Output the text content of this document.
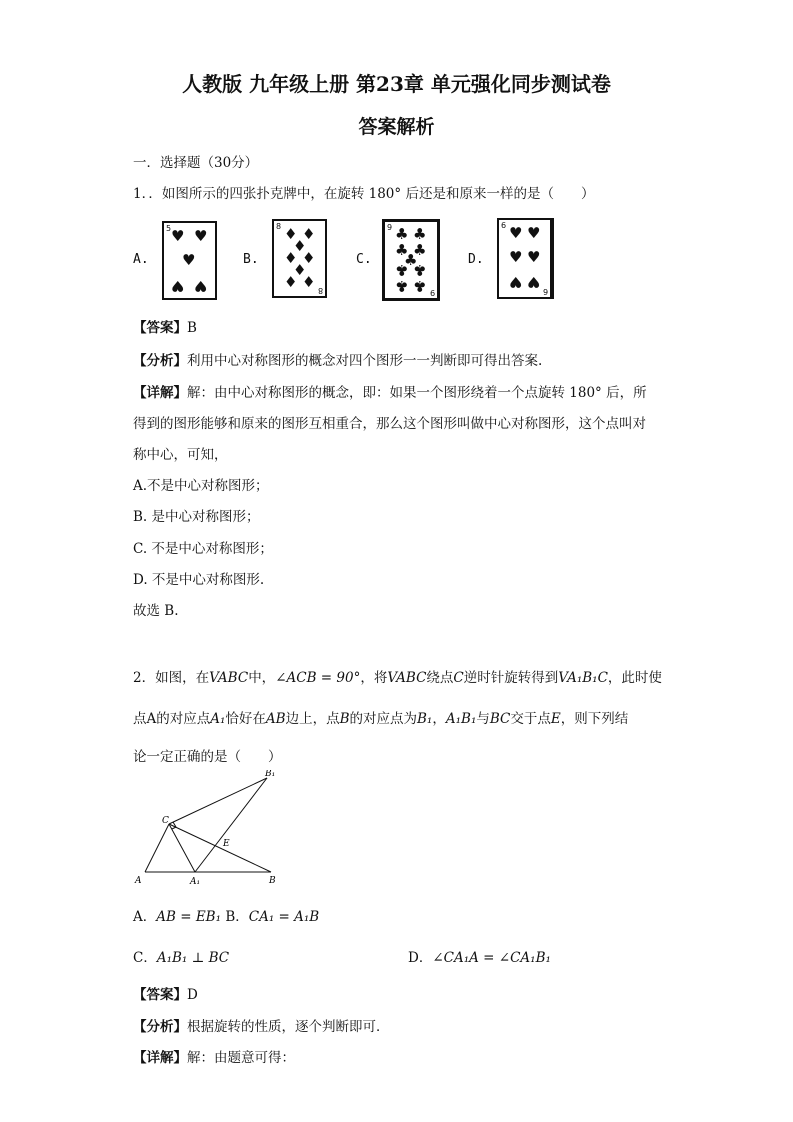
人教版 九年级上册 第23章 单元强化同步测试卷
答案解析
一．选择题（30分）
1．．如图所示的四张扑克牌中，在旋转 180° 后还是和原来一样的是（　　）
A.
5 ♥ ♥
♥
♥ ♥
B.
8 ♦ ♦
♦
♦ ♦
♦
♦ ♦ 8
C.
9 ♣ ♣
♣ ♣
♣
♣ ♣
♣ ♣ 9
D.
6 ♥ ♥
♥ ♥
♥ ♥
6
【答案】B
【分析】利用中心对称图形的概念对四个图形一一判断即可得出答案.
【详解】解：由中心对称图形的概念，即：如果一个图形绕着一个点旋转 180° 后，所
得到的图形能够和原来的图形互相重合，那么这个图形叫做中心对称图形，这个点叫对
称中心，可知，
A.不是中心对称图形；
B. 是中心对称图形；
C. 不是中心对称图形；
D. 不是中心对称图形.
故选 B.
2．如图，在VABC中，∠ACB = 90°，将VABC绕点C逆时针旋转得到VA₁B₁C，此时使
点A的对应点A₁恰好在AB边上，点B的对应点为B₁，A₁B₁与BC交于点E，则下列结
论一定正确的是（　　）
B₁
C
E
A	A₁	B
A．AB = EB₁ B．CA₁ = A₁B
C．A₁B₁ ⊥ BC	D．∠CA₁A = ∠CA₁B₁
【答案】D
【分析】根据旋转的性质，逐个判断即可．
【详解】解：由题意可得：
